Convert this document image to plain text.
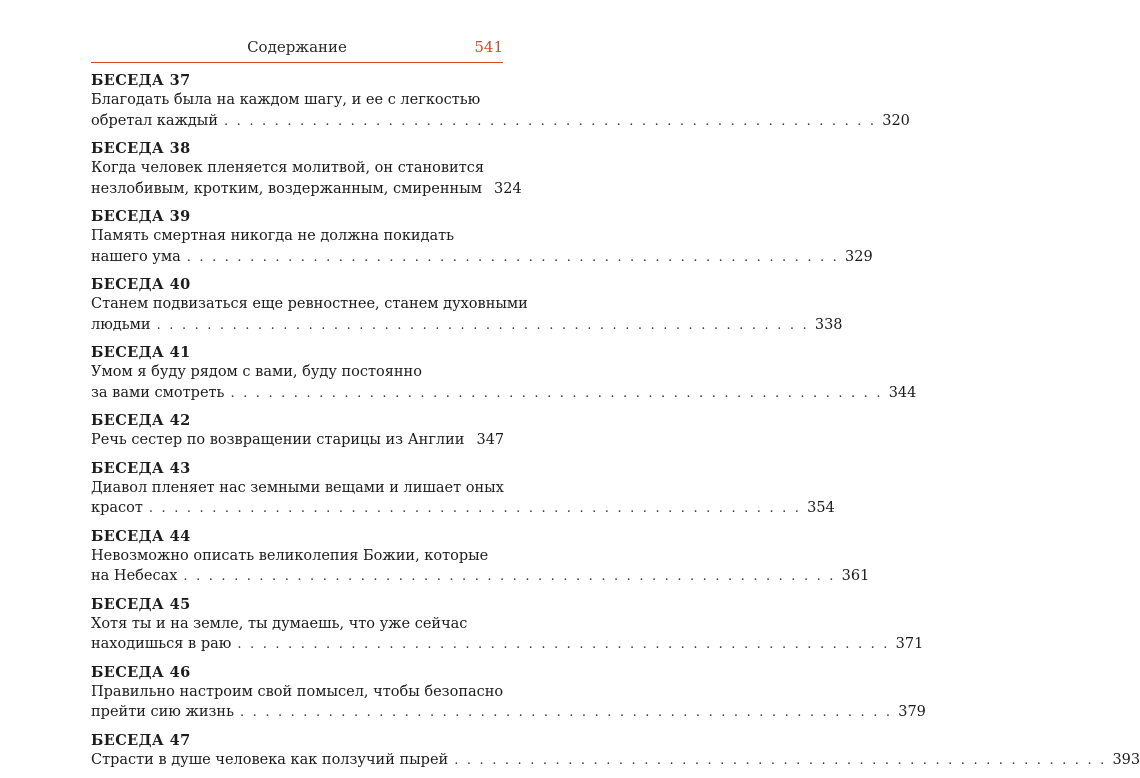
Содержание	541
БЕСЕДА 37
Благодать была на каждом шагу, и ее с легкостью
обретал каждый . . . . . . . . . . . . . . . . . . . . . . . . . . . . . . . . . . . . . . . . . . . . . . . . . . . . 320
БЕСЕДА 38
Когда человек пленяется молитвой, он становится
незлобивым, кротким, воздержанным, смиренным 324
БЕСЕДА 39
Память смертная никогда не должна покидать
нашего ума . . . . . . . . . . . . . . . . . . . . . . . . . . . . . . . . . . . . . . . . . . . . . . . . . . . . 329
БЕСЕДА 40
Станем подвизаться еще ревностнее, станем духовными
людьми . . . . . . . . . . . . . . . . . . . . . . . . . . . . . . . . . . . . . . . . . . . . . . . . . . . . 338
БЕСЕДА 41
Умом я буду рядом с вами, буду постоянно
за вами смотреть . . . . . . . . . . . . . . . . . . . . . . . . . . . . . . . . . . . . . . . . . . . . . . . . . . . . 344
БЕСЕДА 42
Речь сестер по возвращении старицы из Англии 347
БЕСЕДА 43
Диавол пленяет нас земными вещами и лишает оных
красот . . . . . . . . . . . . . . . . . . . . . . . . . . . . . . . . . . . . . . . . . . . . . . . . . . . . 354
БЕСЕДА 44
Невозможно описать великолепия Божии, которые
на Небесах . . . . . . . . . . . . . . . . . . . . . . . . . . . . . . . . . . . . . . . . . . . . . . . . . . . . 361
БЕСЕДА 45
Хотя ты и на земле, ты думаешь, что уже сейчас
находишься в раю . . . . . . . . . . . . . . . . . . . . . . . . . . . . . . . . . . . . . . . . . . . . . . . . . . . . 371
БЕСЕДА 46
Правильно настроим свой помысел, чтобы безопасно
прейти сию жизнь . . . . . . . . . . . . . . . . . . . . . . . . . . . . . . . . . . . . . . . . . . . . . . . . . . . . 379
БЕСЕДА 47
Страсти в душе человека как ползучий пырей . . . . . . . . . . . . . . . . . . . . . . . . . . . . . . . . . . . . . . . . . . . . . . . . . . . . 393
